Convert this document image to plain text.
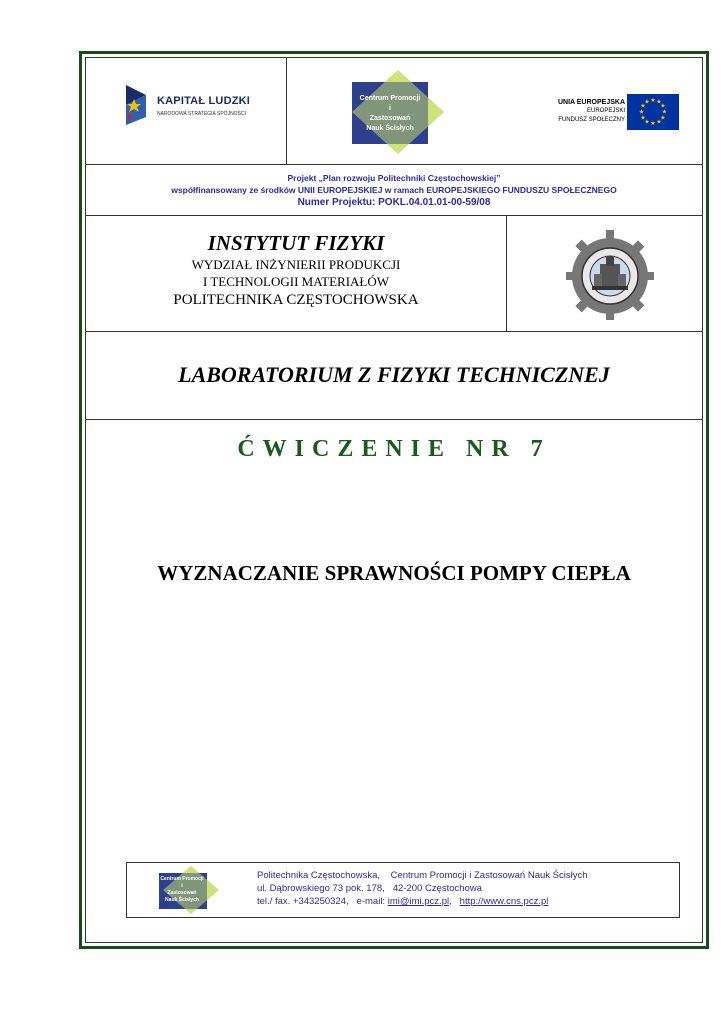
KAPITAŁ LUDZKI
NARODOWA STRATEGIA SPÓJNOŚCI
Centrum Promocji
i
Zastosowań
Nauk Ścisłych
UNIA EUROPEJSKA
EUROPEJSKI
FUNDUSZ SPOŁECZNY
★ ★
★
★
★
★
★
★
★
★
★
★
Projekt „Plan rozwoju Politechniki Częstochowskiej”
współfinansowany ze środków UNII EUROPEJSKIEJ w ramach EUROPEJSKIEGO FUNDUSZU SPOŁECZNEGO
Numer Projektu: POKL.04.01.01-00-59/08
INSTYTUT FIZYKI
WYDZIAŁ INŻYNIERII PRODUKCJI
I TECHNOLOGII MATERIAŁÓW
POLITECHNIKA CZĘSTOCHOWSKA
LABORATORIUM Z FIZYKI TECHNICZNEJ
ĆWICZENIE NR 7
WYZNACZANIE SPRAWNOŚCI POMPY CIEPŁA
Centrum Promocji
i
Zastosowań
Nauk Ścisłych
Politechnika Częstochowska,    Centrum Promocji i Zastosowań Nauk Ścisłych
ul. Dąbrowskiego 73 pok. 178,   42-200 Częstochowa
tel./ fax. +343250324,   e-mail: imi@imi.pcz.pl,   http://www.cns.pcz.pl
